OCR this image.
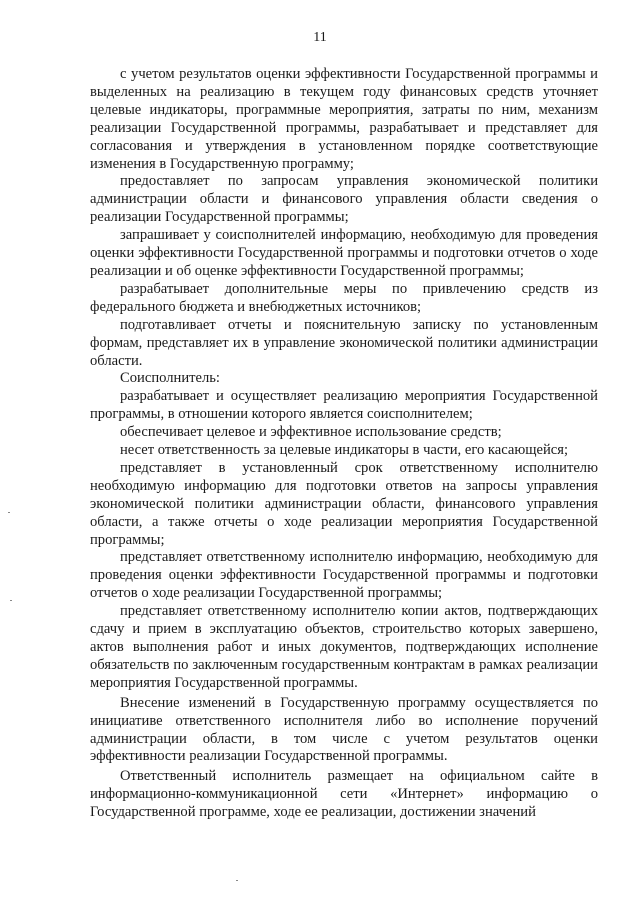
11

с учетом результатов оценки эффективности Государственной программы и выделенных на реализацию в текущем году финансовых средств уточняет целевые индикаторы, программные мероприятия, затраты по ним, механизм реализации Государственной программы, разрабатывает и представляет для согласования и утверждения в установленном порядке соответствующие изменения в Государственную программу;

предоставляет по запросам управления экономической политики администрации области и финансового управления области сведения о реализации Государственной программы;

запрашивает у соисполнителей информацию, необходимую для проведения оценки эффективности Государственной программы и подготовки отчетов о ходе реализации и об оценке эффективности Государственной программы;

разрабатывает дополнительные меры по привлечению средств из федерального бюджета и внебюджетных источников;

подготавливает отчеты и пояснительную записку по установленным формам, представляет их в управление экономической политики администрации области.

Соисполнитель:

разрабатывает и осуществляет реализацию мероприятия Государственной программы, в отношении которого является соисполнителем;

обеспечивает целевое и эффективное использование средств;

несет ответственность за целевые индикаторы в части, его касающейся;

представляет в установленный срок ответственному исполнителю необходимую информацию для подготовки ответов на запросы управления экономической политики администрации области, финансового управления области, а также отчеты о ходе реализации мероприятия Государственной программы;

представляет ответственному исполнителю информацию, необходимую для проведения оценки эффективности Государственной программы и подготовки отчетов о ходе реализации Государственной программы;

представляет ответственному исполнителю копии актов, подтверждающих сдачу и прием в эксплуатацию объектов, строительство которых завершено, актов выполнения работ и иных документов, подтверждающих исполнение обязательств по заключенным государственным контрактам в рамках реализации мероприятия Государственной программы.

Внесение изменений в Государственную программу осуществляется по инициативе ответственного исполнителя либо во исполнение поручений администрации области, в том числе с учетом результатов оценки эффективности реализации Государственной программы.

Ответственный исполнитель размещает на официальном сайте в информационно-коммуникационной сети «Интернет» информацию о Государственной программе, ходе ее реализации, достижении значений
